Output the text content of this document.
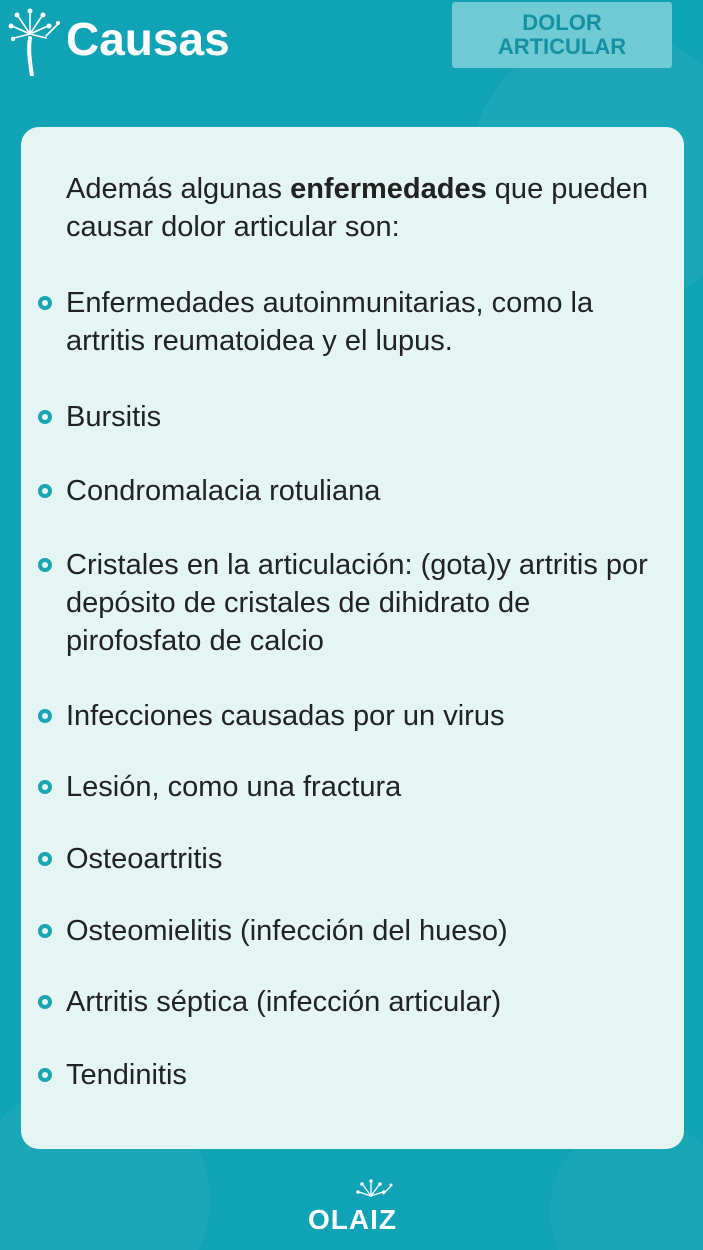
Causas	DOLOR
ARTICULAR

Además algunas enfermedades que pueden causar dolor articular son:

Enfermedades autoinmunitarias, como la artritis reumatoidea y el lupus.
Bursitis
Condromalacia rotuliana
Cristales en la articulación: (gota)y artritis por depósito de cristales de dihidrato de pirofosfato de calcio
Infecciones causadas por un virus
Lesión, como una fractura
Osteoartritis
Osteomielitis (infección del hueso)
Artritis séptica (infección articular)
Tendinitis
OLAIZ
